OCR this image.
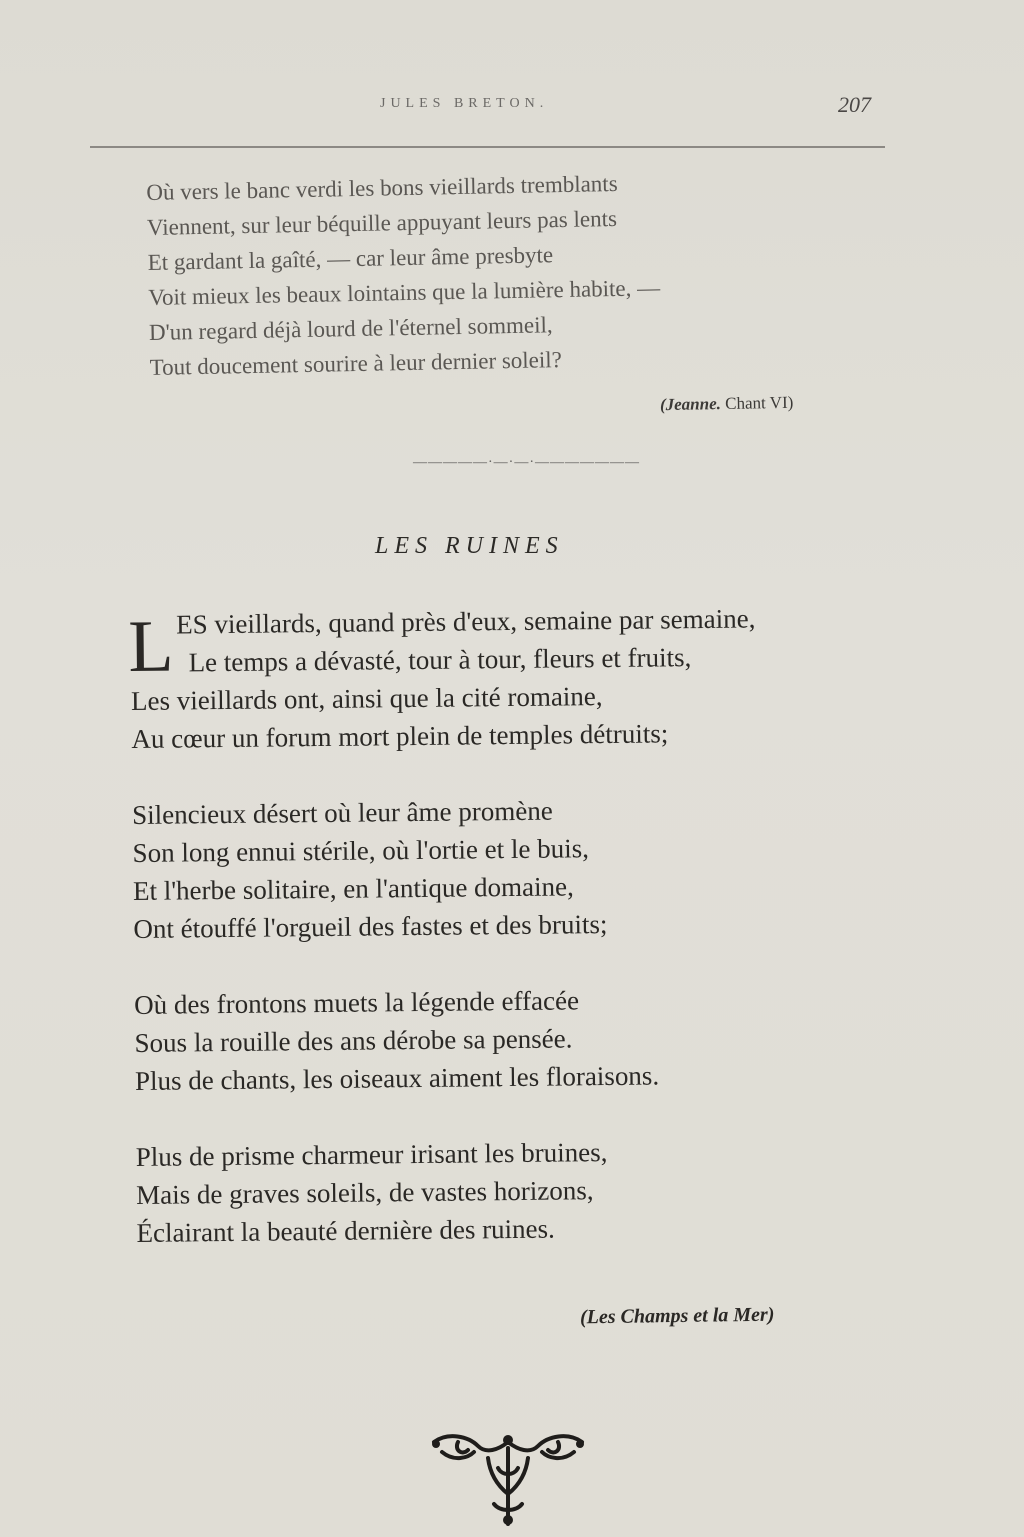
JULES BRETON.	207
Où vers le banc verdi les bons vieillards tremblants
Viennent, sur leur béquille appuyant leurs pas lents
Et gardant la gaîté, — car leur âme presbyte
Voit mieux les beaux lointains que la lumière habite, —
D'un regard déjà lourd de l'éternel sommeil,
Tout doucement sourire à leur dernier soleil?
(Jeanne. Chant VI)
—————·—·—·———————
LES RUINES
L ES vieillards, quand près d'eux, semaine par semaine,
Le temps a dévasté, tour à tour, fleurs et fruits,
Les vieillards ont, ainsi que la cité romaine,
Au cœur un forum mort plein de temples détruits;
Silencieux désert où leur âme promène
Son long ennui stérile, où l'ortie et le buis,
Et l'herbe solitaire, en l'antique domaine,
Ont étouffé l'orgueil des fastes et des bruits;
Où des frontons muets la légende effacée
Sous la rouille des ans dérobe sa pensée.
Plus de chants, les oiseaux aiment les floraisons.
Plus de prisme charmeur irisant les bruines,
Mais de graves soleils, de vastes horizons,
Éclairant la beauté dernière des ruines.
(Les Champs et la Mer)
